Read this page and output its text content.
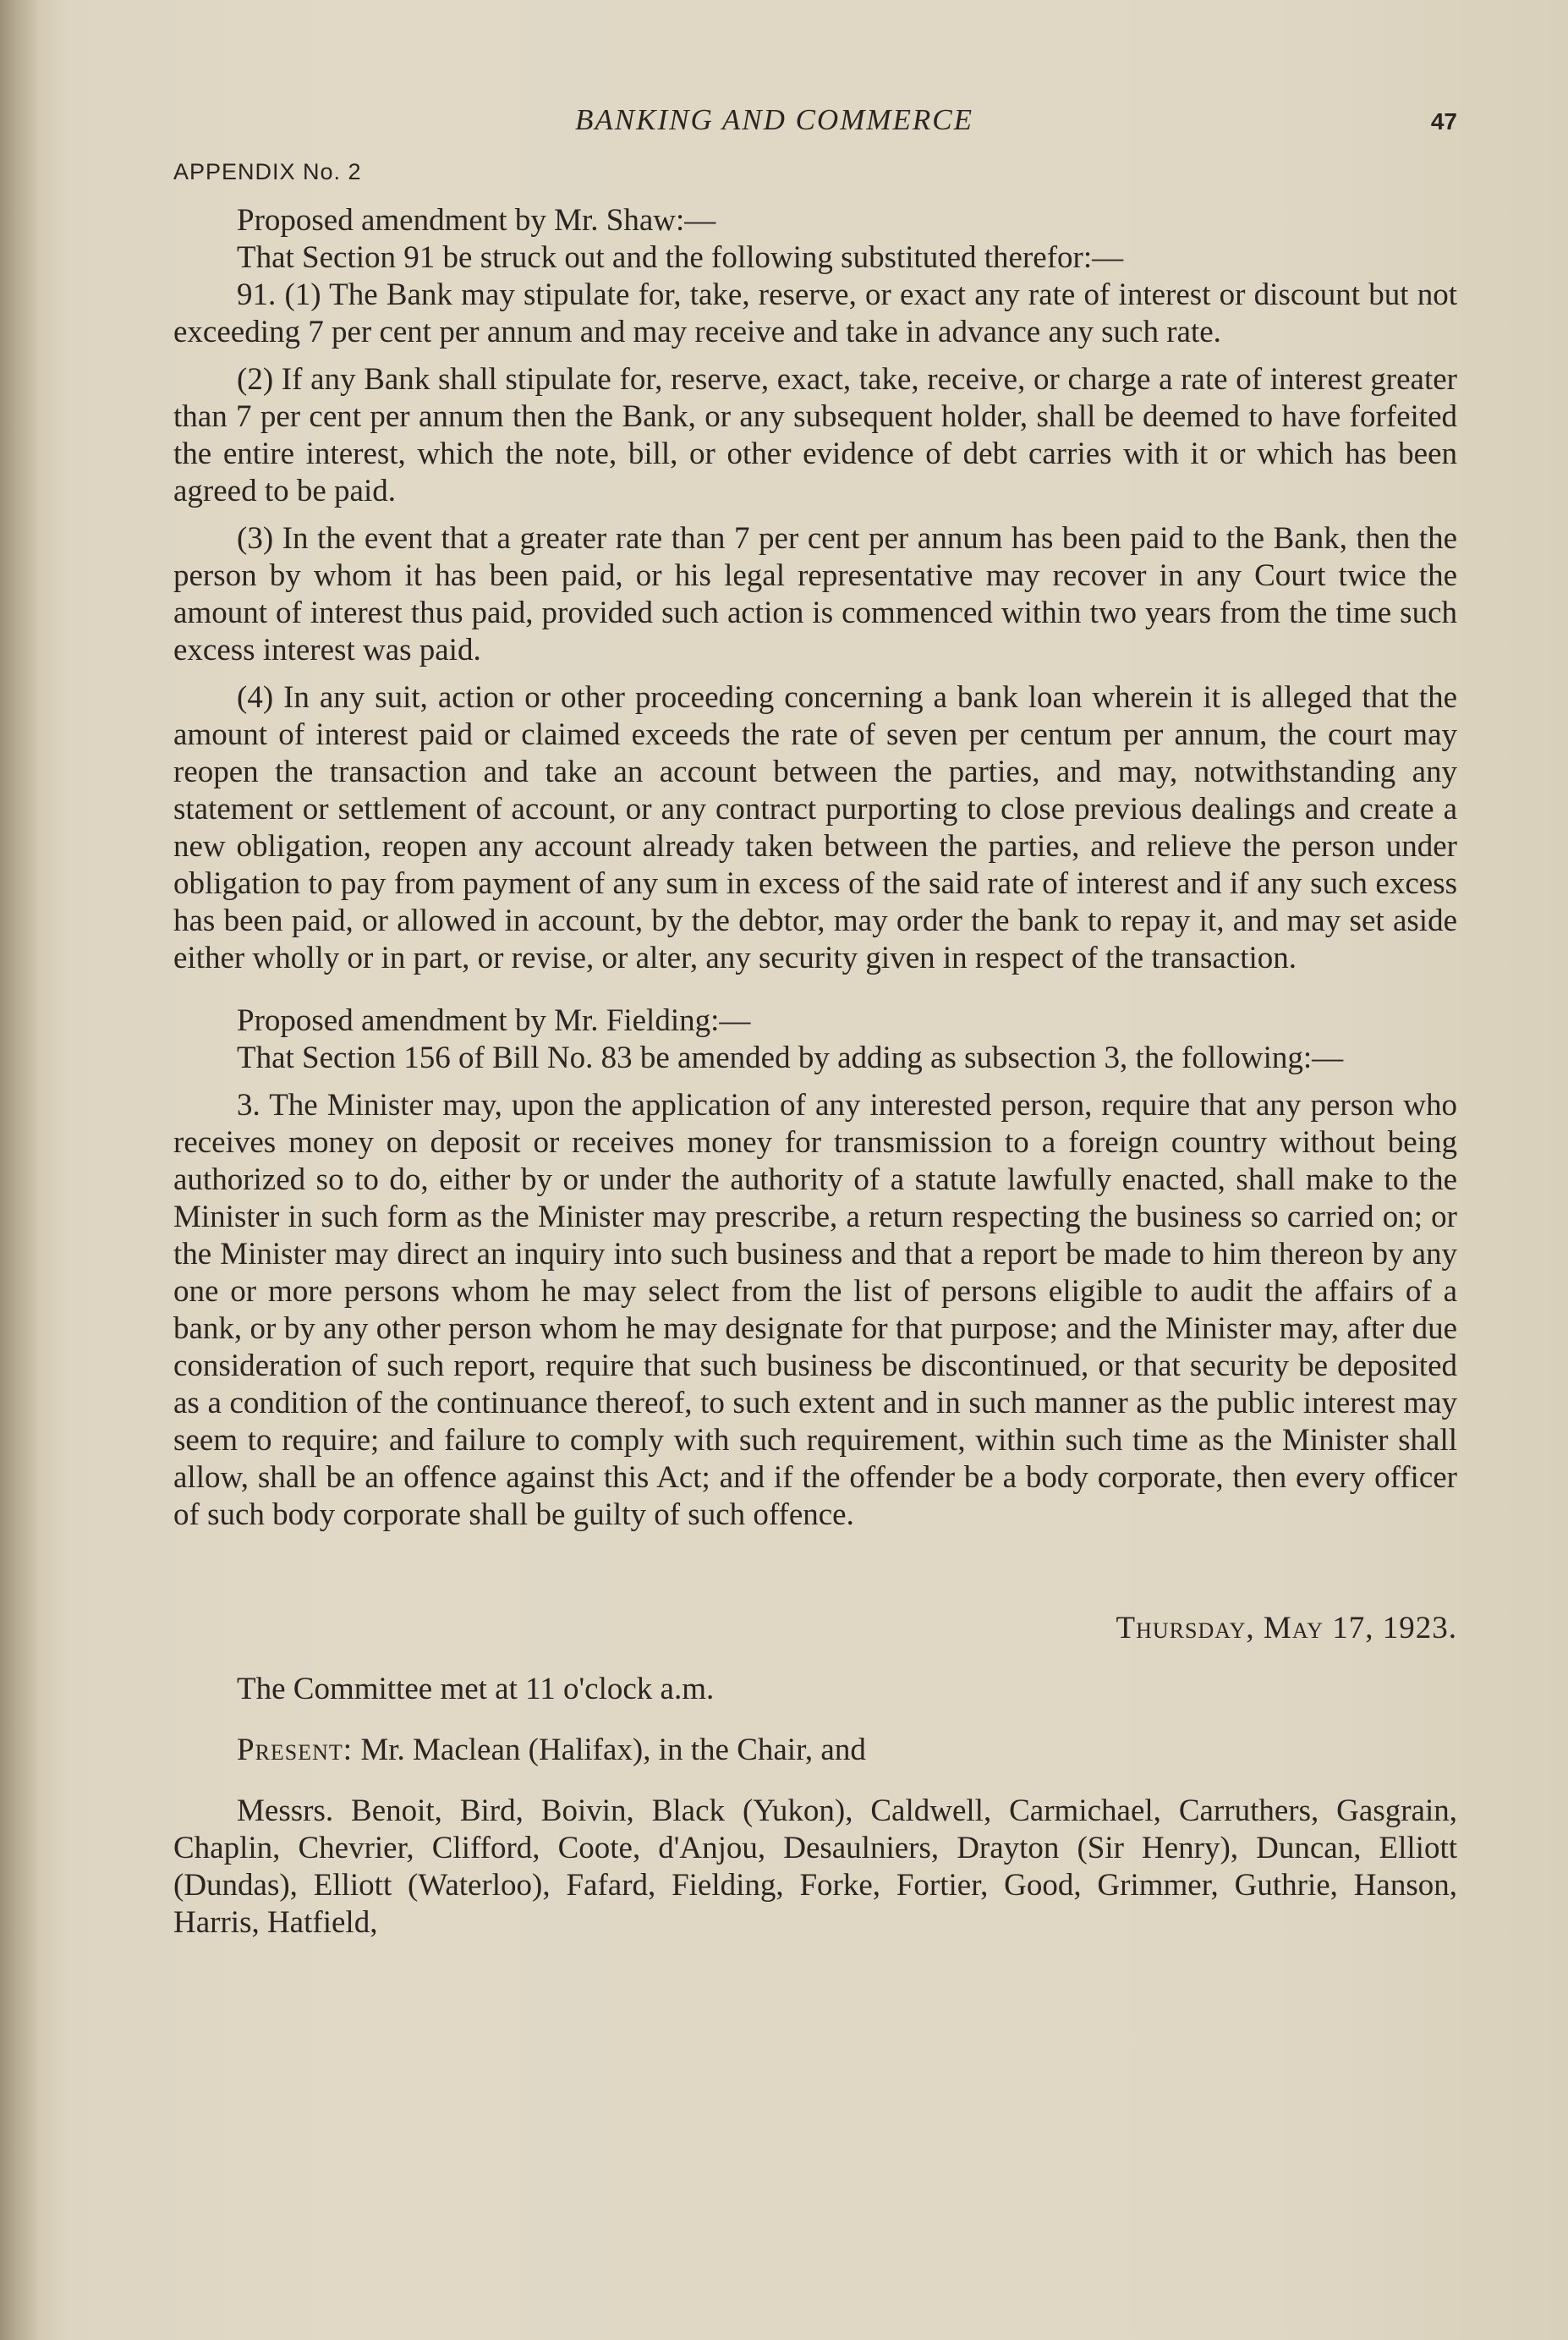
BANKING AND COMMERCE	47
APPENDIX No. 2

Proposed amendment by Mr. Shaw:—

That Section 91 be struck out and the following substituted therefor:—

91. (1) The Bank may stipulate for, take, reserve, or exact any rate of interest or discount but not exceeding 7 per cent per annum and may receive and take in advance any such rate.

(2) If any Bank shall stipulate for, reserve, exact, take, receive, or charge a rate of interest greater than 7 per cent per annum then the Bank, or any subsequent holder, shall be deemed to have forfeited the entire interest, which the note, bill, or other evidence of debt carries with it or which has been agreed to be paid.

(3) In the event that a greater rate than 7 per cent per annum has been paid to the Bank, then the person by whom it has been paid, or his legal representative may recover in any Court twice the amount of interest thus paid, provided such action is commenced within two years from the time such excess interest was paid.

(4) In any suit, action or other proceeding concerning a bank loan wherein it is alleged that the amount of interest paid or claimed exceeds the rate of seven per centum per annum, the court may reopen the transaction and take an account between the parties, and may, notwithstanding any statement or settlement of account, or any contract purporting to close previous dealings and create a new obligation, reopen any account already taken between the parties, and relieve the person under obligation to pay from payment of any sum in excess of the said rate of interest and if any such excess has been paid, or allowed in account, by the debtor, may order the bank to repay it, and may set aside either wholly or in part, or revise, or alter, any security given in respect of the transaction.

Proposed amendment by Mr. Fielding:—

That Section 156 of Bill No. 83 be amended by adding as subsection 3, the following:—

3. The Minister may, upon the application of any interested person, require that any person who receives money on deposit or receives money for transmission to a foreign country without being authorized so to do, either by or under the authority of a statute lawfully enacted, shall make to the Minister in such form as the Minister may prescribe, a return respecting the business so carried on; or the Minister may direct an inquiry into such business and that a report be made to him thereon by any one or more persons whom he may select from the list of persons eligible to audit the affairs of a bank, or by any other person whom he may designate for that purpose; and the Minister may, after due consideration of such report, require that such business be discontinued, or that security be deposited as a condition of the continuance thereof, to such extent and in such manner as the public interest may seem to require; and failure to comply with such requirement, within such time as the Minister shall allow, shall be an offence against this Act; and if the offender be a body corporate, then every officer of such body corporate shall be guilty of such offence.

Thursday, May 17, 1923.

The Committee met at 11 o'clock a.m.

Present: Mr. Maclean (Halifax), in the Chair, and

Messrs. Benoit, Bird, Boivin, Black (Yukon), Caldwell, Carmichael, Carruthers, Gasgrain, Chaplin, Chevrier, Clifford, Coote, d'Anjou, Desaulniers, Drayton (Sir Henry), Duncan, Elliott (Dundas), Elliott (Waterloo), Fafard, Fielding, Forke, Fortier, Good, Grimmer, Guthrie, Hanson, Harris, Hatfield,
